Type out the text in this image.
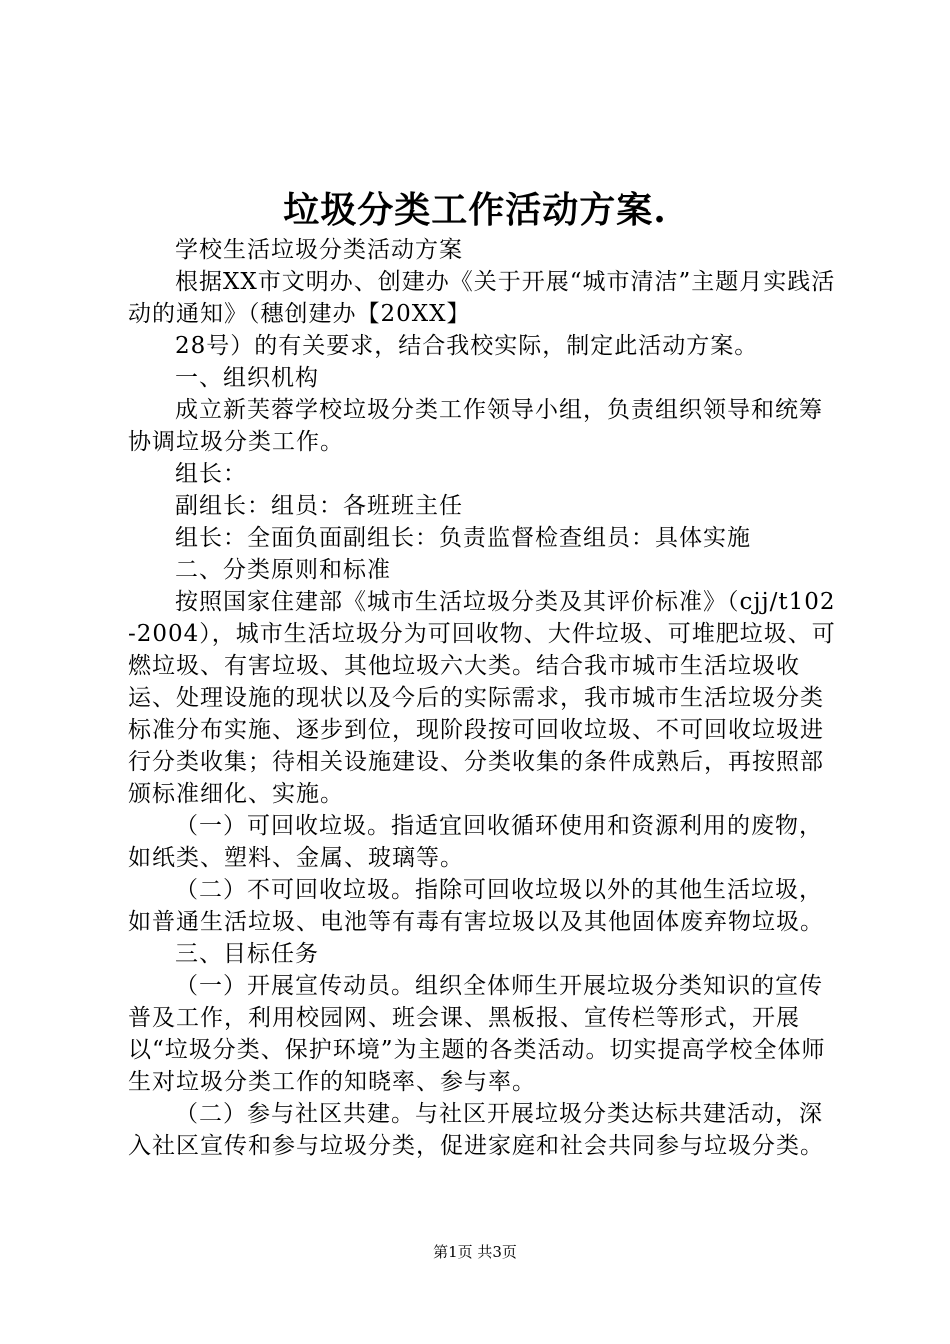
垃圾分类工作活动方案.

学校生活垃圾分类活动方案

根据XX市文明办、创建办《关于开展“城市清洁”主题月实践活动的通知》（穗创建办【20XX】

28号）的有关要求，结合我校实际，制定此活动方案。

一、组织机构

成立新芙蓉学校垃圾分类工作领导小组，负责组织领导和统筹协调垃圾分类工作。

组长：

副组长：组员：各班班主任

组长：全面负面副组长：负责监督检查组员：具体实施

二、分类原则和标准

按照国家住建部《城市生活垃圾分类及其评价标准》（cjj/t102-2004），城市生活垃圾分为可回收物、大件垃圾、可堆肥垃圾、可燃垃圾、有害垃圾、其他垃圾六大类。结合我市城市生活垃圾收运、处理设施的现状以及今后的实际需求，我市城市生活垃圾分类标准分布实施、逐步到位，现阶段按可回收垃圾、不可回收垃圾进行分类收集；待相关设施建设、分类收集的条件成熟后，再按照部颁标准细化、实施。

（一）可回收垃圾。指适宜回收循环使用和资源利用的废物，如纸类、塑料、金属、玻璃等。

（二）不可回收垃圾。指除可回收垃圾以外的其他生活垃圾，如普通生活垃圾、电池等有毒有害垃圾以及其他固体废弃物垃圾。

三、目标任务

（一）开展宣传动员。组织全体师生开展垃圾分类知识的宣传普及工作，利用校园网、班会课、黑板报、宣传栏等形式，开展以“垃圾分类、保护环境”为主题的各类活动。切实提高学校全体师生对垃圾分类工作的知晓率、参与率。

（二）参与社区共建。与社区开展垃圾分类达标共建活动，深入社区宣传和参与垃圾分类，促进家庭和社会共同参与垃圾分类。

第1页 共3页
